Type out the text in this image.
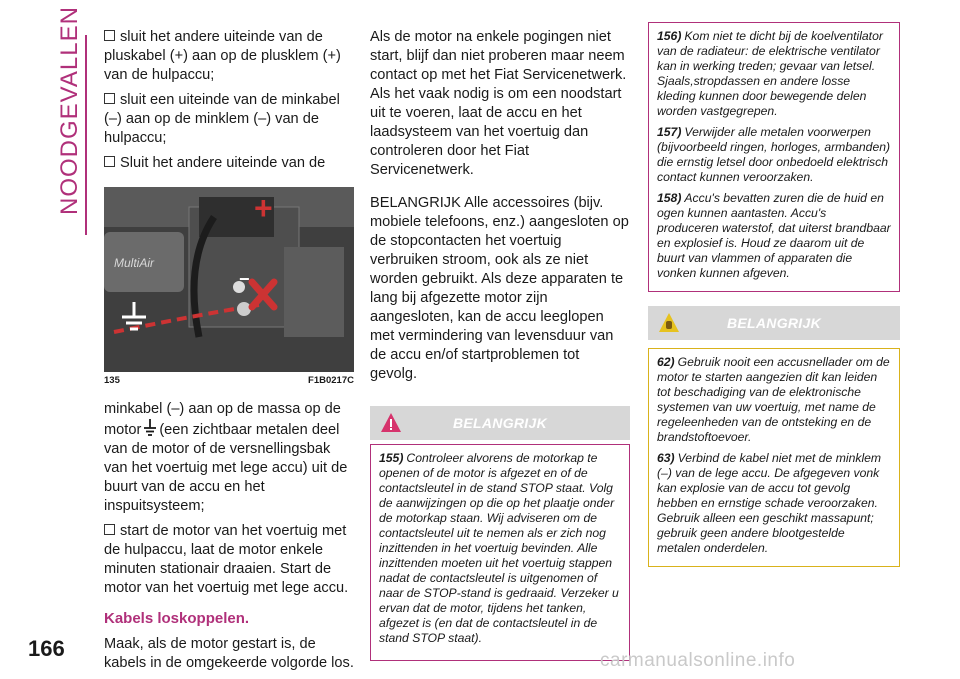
NOODGEVALLEN	sluit het andere uiteinde van de pluskabel (+) aan op de plusklem (+) van de hulpaccu;

sluit een uiteinde van de minkabel (–) aan op de minklem (–) van de hulpaccu;

Sluit het andere uiteinde van de

MultiAir
+
−
135	F1B0217C

minkabel (–) aan op de massa op de motor (een zichtbaar metalen deel van de motor of de versnellingsbak van het voertuig met lege accu) uit de buurt van de accu en het inspuitsysteem;

start de motor van het voertuig met de hulpaccu, laat de motor enkele minuten stationair draaien. Start de motor van het voertuig met lege accu.

Kabels loskoppelen.

Maak, als de motor gestart is, de kabels in de omgekeerde volgorde los.

Als de motor na enkele pogingen niet start, blijf dan niet proberen maar neem contact op met het Fiat Servicenetwerk. Als het vaak nodig is om een noodstart uit te voeren, laat de accu en het laadsysteem van het voertuig dan controleren door het Fiat Servicenetwerk.

BELANGRIJK Alle accessoires (bijv. mobiele telefoons, enz.) aangesloten op de stopcontacten het voertuig verbruiken stroom, ook als ze niet worden gebruikt. Als deze apparaten te lang bij afgezette motor zijn aangesloten, kan de accu leeglopen met vermindering van levensduur van de accu en/of startproblemen tot gevolg.

BELANGRIJK

155) Controleer alvorens de motorkap te openen of de motor is afgezet en of de contactsleutel in de stand STOP staat. Volg de aanwijzingen op die op het plaatje onder de motorkap staan. Wij adviseren om de contactsleutel uit te nemen als er zich nog inzittenden in het voertuig bevinden. Alle inzittenden moeten uit het voertuig stappen nadat de contactsleutel is uitgenomen of naar de STOP-stand is gedraaid. Verzeker u ervan dat de motor, tijdens het tanken, afgezet is (en dat de contactsleutel in de stand STOP staat).

156) Kom niet te dicht bij de koelventilator van de radiateur: de elektrische ventilator kan in werking treden; gevaar van letsel. Sjaals,stropdassen en andere losse kleding kunnen door bewegende delen worden vastgegrepen.

157) Verwijder alle metalen voorwerpen (bijvoorbeeld ringen, horloges, armbanden) die ernstig letsel door onbedoeld elektrisch contact kunnen veroorzaken.

158) Accu's bevatten zuren die de huid en ogen kunnen aantasten. Accu's produceren waterstof, dat uiterst brandbaar en explosief is. Houd ze daarom uit de buurt van vlammen of apparaten die vonken kunnen afgeven.

BELANGRIJK

62) Gebruik nooit een accusnellader om de motor te starten aangezien dit kan leiden tot beschadiging van de elektronische systemen van uw voertuig, met name de regeleenheden van de ontsteking en de brandstoftoevoer.

63) Verbind de kabel niet met de minklem (–) van de lege accu. De afgegeven vonk kan explosie van de accu tot gevolg hebben en ernstige schade veroorzaken. Gebruik alleen een geschikt massapunt; gebruik geen andere blootgestelde metalen onderdelen.

166	carmanualsonline.info
